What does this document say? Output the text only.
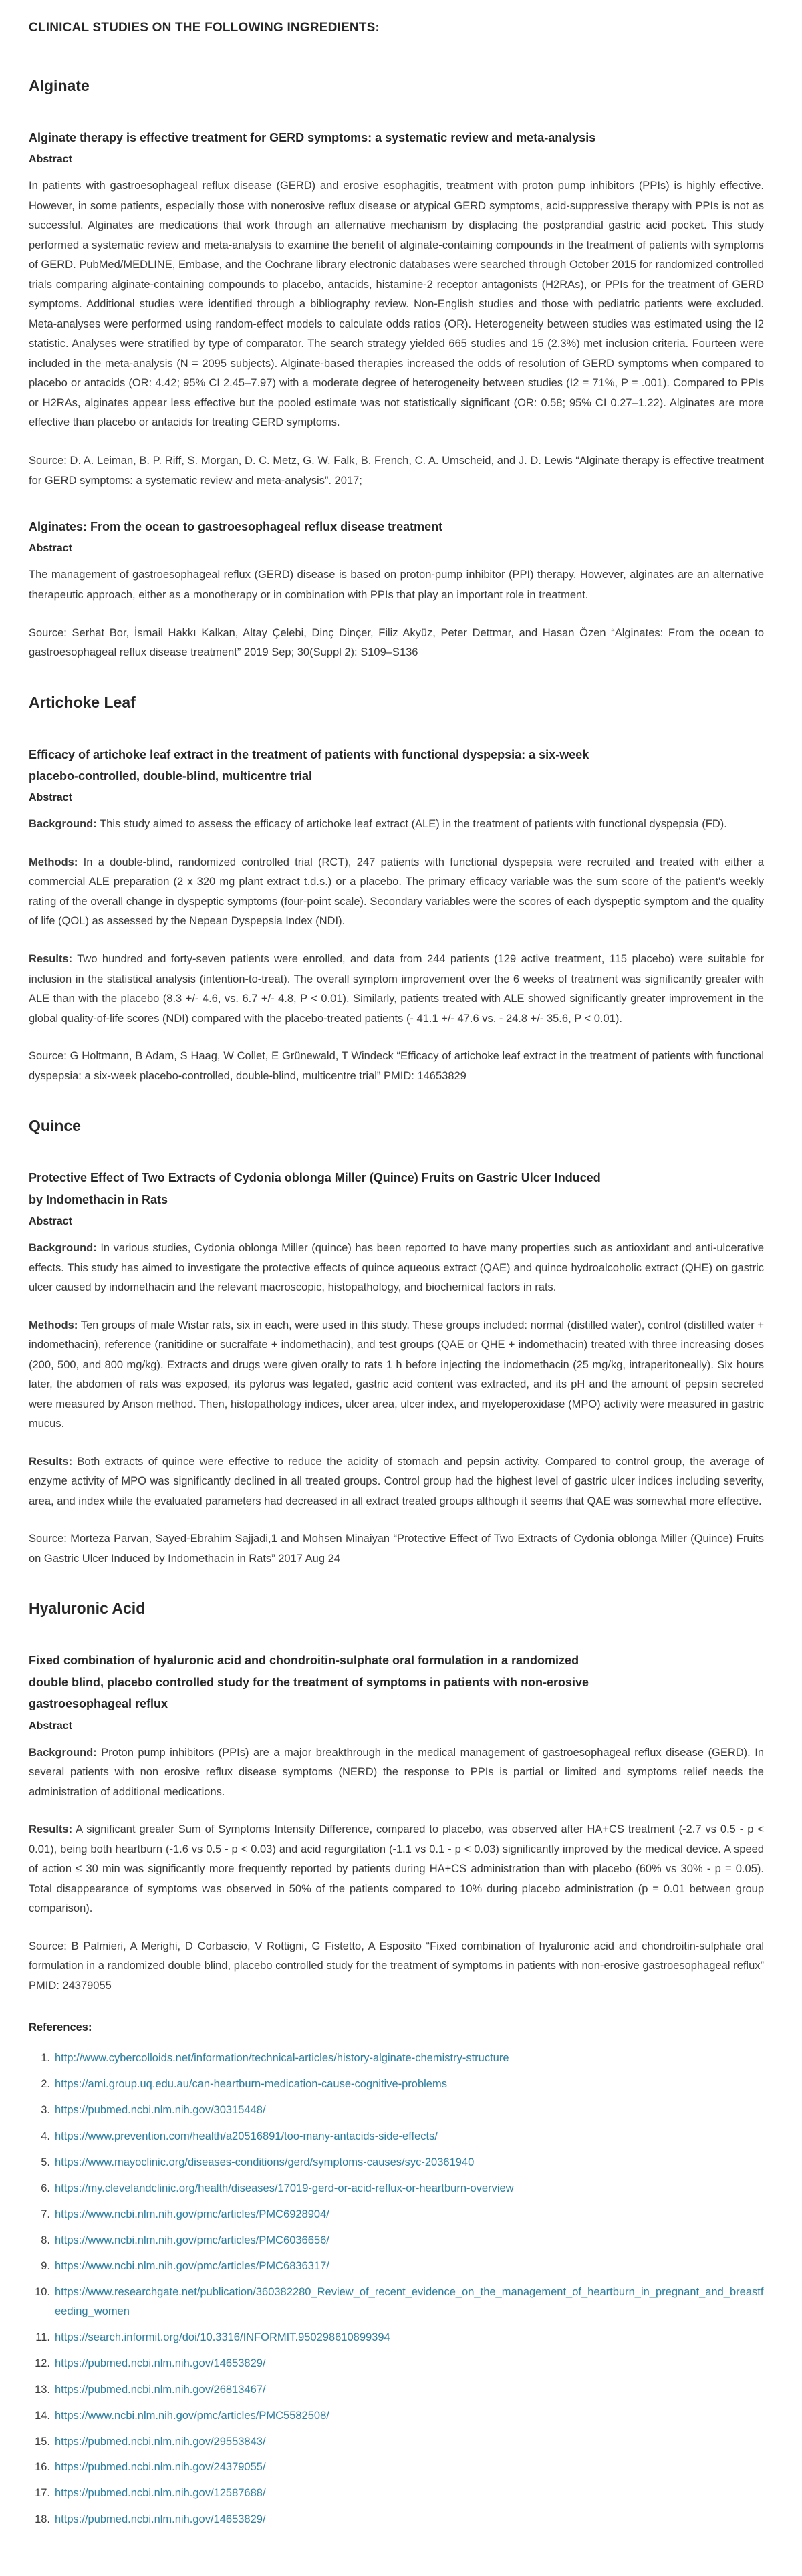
CLINICAL STUDIES ON THE FOLLOWING INGREDIENTS:
Alginate
Alginate therapy is effective treatment for GERD symptoms: a systematic review and meta-analysis
Abstract

In patients with gastroesophageal reflux disease (GERD) and erosive esophagitis, treatment with proton pump inhibitors (PPIs) is highly effective. However, in some patients, especially those with nonerosive reflux disease or atypical GERD symptoms, acid-suppressive therapy with PPIs is not as successful. Alginates are medications that work through an alternative mechanism by displacing the postprandial gastric acid pocket. This study performed a systematic review and meta-analysis to examine the benefit of alginate-containing compounds in the treatment of patients with symptoms of GERD. PubMed/MEDLINE, Embase, and the Cochrane library electronic databases were searched through October 2015 for randomized controlled trials comparing alginate-containing compounds to placebo, antacids, histamine-2 receptor antagonists (H2RAs), or PPIs for the treatment of GERD symptoms. Additional studies were identified through a bibliography review. Non-English studies and those with pediatric patients were excluded. Meta-analyses were performed using random-effect models to calculate odds ratios (OR). Heterogeneity between studies was estimated using the I2 statistic. Analyses were stratified by type of comparator. The search strategy yielded 665 studies and 15 (2.3%) met inclusion criteria. Fourteen were included in the meta-analysis (N = 2095 subjects). Alginate-based therapies increased the odds of resolution of GERD symptoms when compared to placebo or antacids (OR: 4.42; 95% CI 2.45–7.97) with a moderate degree of heterogeneity between studies (I2 = 71%, P = .001). Compared to PPIs or H2RAs, alginates appear less effective but the pooled estimate was not statistically significant (OR: 0.58; 95% CI 0.27–1.22). Alginates are more effective than placebo or antacids for treating GERD symptoms.

Source: D. A. Leiman, B. P. Riff, S. Morgan, D. C. Metz, G. W. Falk, B. French, C. A. Umscheid, and J. D. Lewis “Alginate therapy is effective treatment for GERD symptoms: a systematic review and meta-analysis”. 2017;

Alginates: From the ocean to gastroesophageal reflux disease treatment
Abstract

The management of gastroesophageal reflux (GERD) disease is based on proton-pump inhibitor (PPI) therapy. However, alginates are an alternative therapeutic approach, either as a monotherapy or in combination with PPIs that play an important role in treatment.

Source: Serhat Bor, İsmail Hakkı Kalkan, Altay Çelebi, Dinç Dinçer, Filiz Akyüz, Peter Dettmar, and Hasan Özen “Alginates: From the ocean to gastroesophageal reflux disease treatment” 2019 Sep; 30(Suppl 2): S109–S136

Artichoke Leaf
Efficacy of artichoke leaf extract in the treatment of patients with functional dyspepsia: a six-week placebo-controlled, double-blind, multicentre trial
Abstract

Background: This study aimed to assess the efficacy of artichoke leaf extract (ALE) in the treatment of patients with functional dyspepsia (FD).

Methods: In a double-blind, randomized controlled trial (RCT), 247 patients with functional dyspepsia were recruited and treated with either a commercial ALE preparation (2 x 320 mg plant extract t.d.s.) or a placebo. The primary efficacy variable was the sum score of the patient's weekly rating of the overall change in dyspeptic symptoms (four-point scale). Secondary variables were the scores of each dyspeptic symptom and the quality of life (QOL) as assessed by the Nepean Dyspepsia Index (NDI).

Results: Two hundred and forty-seven patients were enrolled, and data from 244 patients (129 active treatment, 115 placebo) were suitable for inclusion in the statistical analysis (intention-to-treat). The overall symptom improvement over the 6 weeks of treatment was significantly greater with ALE than with the placebo (8.3 +/- 4.6, vs. 6.7 +/- 4.8, P < 0.01). Similarly, patients treated with ALE showed significantly greater improvement in the global quality-of-life scores (NDI) compared with the placebo-treated patients (- 41.1 +/- 47.6 vs. - 24.8 +/- 35.6, P < 0.01).

Source: G Holtmann, B Adam, S Haag, W Collet, E Grünewald, T Windeck “Efficacy of artichoke leaf extract in the treatment of patients with functional dyspepsia: a six-week placebo-controlled, double-blind, multicentre trial” PMID: 14653829

Quince
Protective Effect of Two Extracts of Cydonia oblonga Miller (Quince) Fruits on Gastric Ulcer Induced by Indomethacin in Rats
Abstract

Background: In various studies, Cydonia oblonga Miller (quince) has been reported to have many properties such as antioxidant and anti-ulcerative effects. This study has aimed to investigate the protective effects of quince aqueous extract (QAE) and quince hydroalcoholic extract (QHE) on gastric ulcer caused by indomethacin and the relevant macroscopic, histopathology, and biochemical factors in rats.

Methods: Ten groups of male Wistar rats, six in each, were used in this study. These groups included: normal (distilled water), control (distilled water + indomethacin), reference (ranitidine or sucralfate + indomethacin), and test groups (QAE or QHE + indomethacin) treated with three increasing doses (200, 500, and 800 mg/kg). Extracts and drugs were given orally to rats 1 h before injecting the indomethacin (25 mg/kg, intraperitoneally). Six hours later, the abdomen of rats was exposed, its pylorus was legated, gastric acid content was extracted, and its pH and the amount of pepsin secreted were measured by Anson method. Then, histopathology indices, ulcer area, ulcer index, and myeloperoxidase (MPO) activity were measured in gastric mucus.

Results: Both extracts of quince were effective to reduce the acidity of stomach and pepsin activity. Compared to control group, the average of enzyme activity of MPO was significantly declined in all treated groups. Control group had the highest level of gastric ulcer indices including severity, area, and index while the evaluated parameters had decreased in all extract treated groups although it seems that QAE was somewhat more effective.

Source: Morteza Parvan, Sayed-Ebrahim Sajjadi,1 and Mohsen Minaiyan “Protective Effect of Two Extracts of Cydonia oblonga Miller (Quince) Fruits on Gastric Ulcer Induced by Indomethacin in Rats” 2017 Aug 24

Hyaluronic Acid
Fixed combination of hyaluronic acid and chondroitin-sulphate oral formulation in a randomized double blind, placebo controlled study for the treatment of symptoms in patients with non-erosive gastroesophageal reflux
Abstract

Background: Proton pump inhibitors (PPIs) are a major breakthrough in the medical management of gastroesophageal reflux disease (GERD). In several patients with non erosive reflux disease symptoms (NERD) the response to PPIs is partial or limited and symptoms relief needs the administration of additional medications.

Results: A significant greater Sum of Symptoms Intensity Difference, compared to placebo, was observed after HA+CS treatment (-2.7 vs 0.5 - p < 0.01), being both heartburn (-1.6 vs 0.5 - p < 0.03) and acid regurgitation (-1.1 vs 0.1 - p < 0.03) significantly improved by the medical device. A speed of action ≤ 30 min was significantly more frequently reported by patients during HA+CS administration than with placebo (60% vs 30% - p = 0.05). Total disappearance of symptoms was observed in 50% of the patients compared to 10% during placebo administration (p = 0.01 between group comparison).

Source: B Palmieri, A Merighi, D Corbascio, V Rottigni, G Fistetto, A Esposito “Fixed combination of hyaluronic acid and chondroitin-sulphate oral formulation in a randomized double blind, placebo controlled study for the treatment of symptoms in patients with non-erosive gastroesophageal reflux” PMID: 24379055

References:
1. http://www.cybercolloids.net/information/technical-articles/history-alginate-chemistry-structure
2. https://ami.group.uq.edu.au/can-heartburn-medication-cause-cognitive-problems
3. https://pubmed.ncbi.nlm.nih.gov/30315448/
4. https://www.prevention.com/health/a20516891/too-many-antacids-side-effects/
5. https://www.mayoclinic.org/diseases-conditions/gerd/symptoms-causes/syc-20361940
6. https://my.clevelandclinic.org/health/diseases/17019-gerd-or-acid-reflux-or-heartburn-overview
7. https://www.ncbi.nlm.nih.gov/pmc/articles/PMC6928904/
8. https://www.ncbi.nlm.nih.gov/pmc/articles/PMC6036656/
9. https://www.ncbi.nlm.nih.gov/pmc/articles/PMC6836317/
10. https://www.researchgate.net/publication/360382280_Review_of_recent_evidence_on_the_management_of_heartburn_in_pregnant_and_breastfeeding_women
11. https://search.informit.org/doi/10.3316/INFORMIT.950298610899394
12. https://pubmed.ncbi.nlm.nih.gov/14653829/
13. https://pubmed.ncbi.nlm.nih.gov/26813467/
14. https://www.ncbi.nlm.nih.gov/pmc/articles/PMC5582508/
15. https://pubmed.ncbi.nlm.nih.gov/29553843/
16. https://pubmed.ncbi.nlm.nih.gov/24379055/
17. https://pubmed.ncbi.nlm.nih.gov/12587688/
18. https://pubmed.ncbi.nlm.nih.gov/14653829/
